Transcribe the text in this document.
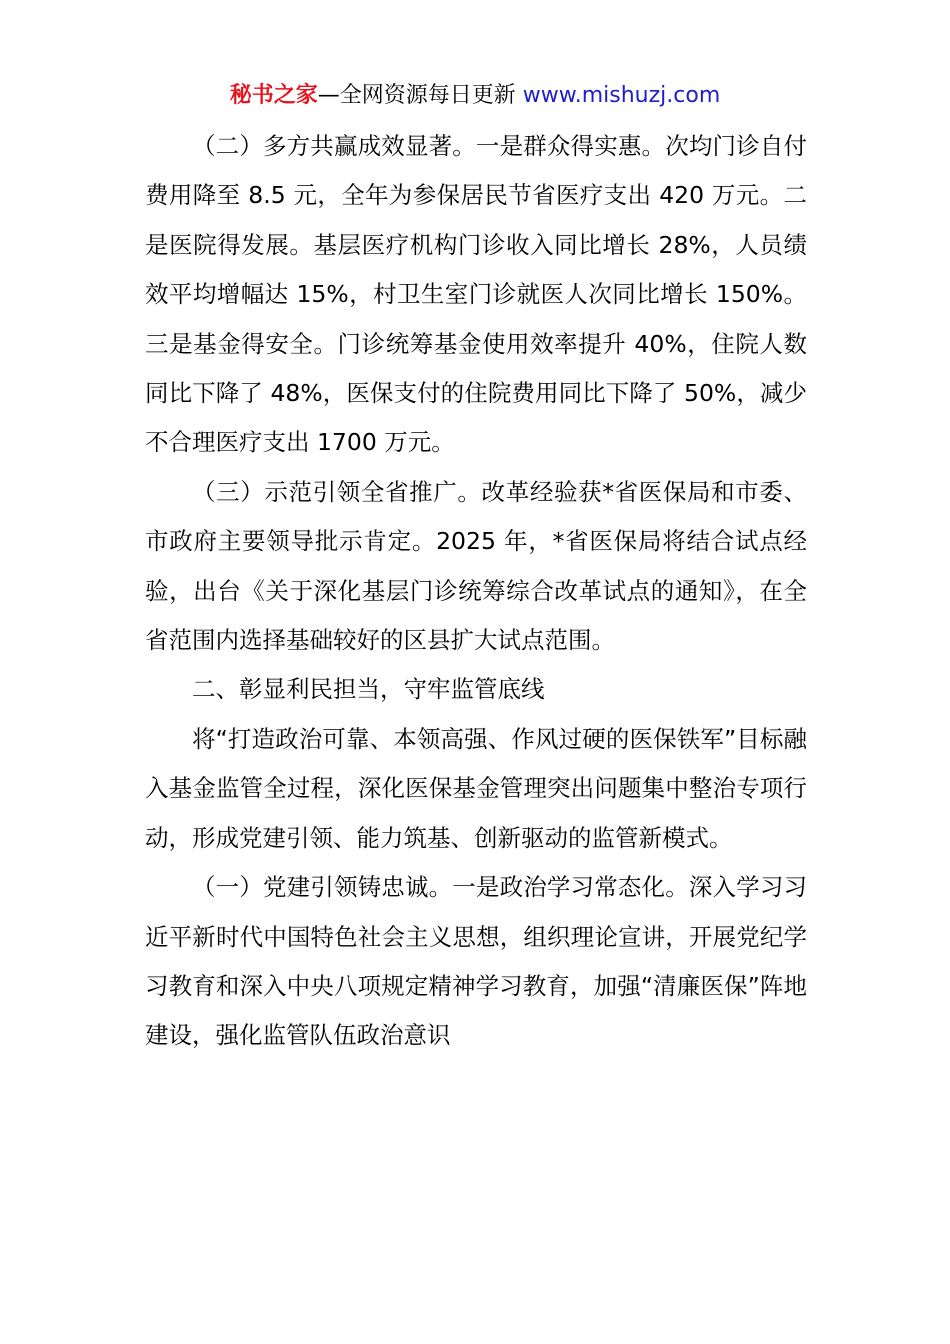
秘书之家—全网资源每日更新 www.mishuzj.com

（二）多方共赢成效显著。一是群众得实惠。次均门诊自付费用降至 8.5 元，全年为参保居民节省医疗支出 420 万元。二是医院得发展。基层医疗机构门诊收入同比增长 28%，人员绩效平均增幅达 15%，村卫生室门诊就医人次同比增长 150%。三是基金得安全。门诊统筹基金使用效率提升 40%，住院人数同比下降了 48%，医保支付的住院费用同比下降了 50%，减少不合理医疗支出 1700 万元。

（三）示范引领全省推广。改革经验获*省医保局和市委、市政府主要领导批示肯定。2025 年，*省医保局将结合试点经验，出台《关于深化基层门诊统筹综合改革试点的通知》，在全省范围内选择基础较好的区县扩大试点范围。

二、彰显利民担当，守牢监管底线

将“打造政治可靠、本领高强、作风过硬的医保铁军”目标融入基金监管全过程，深化医保基金管理突出问题集中整治专项行动，形成党建引领、能力筑基、创新驱动的监管新模式。

（一）党建引领铸忠诚。一是政治学习常态化。深入学习习近平新时代中国特色社会主义思想，组织理论宣讲，开展党纪学习教育和深入中央八项规定精神学习教育，加强“清廉医保”阵地建设，强化监管队伍政治意识
